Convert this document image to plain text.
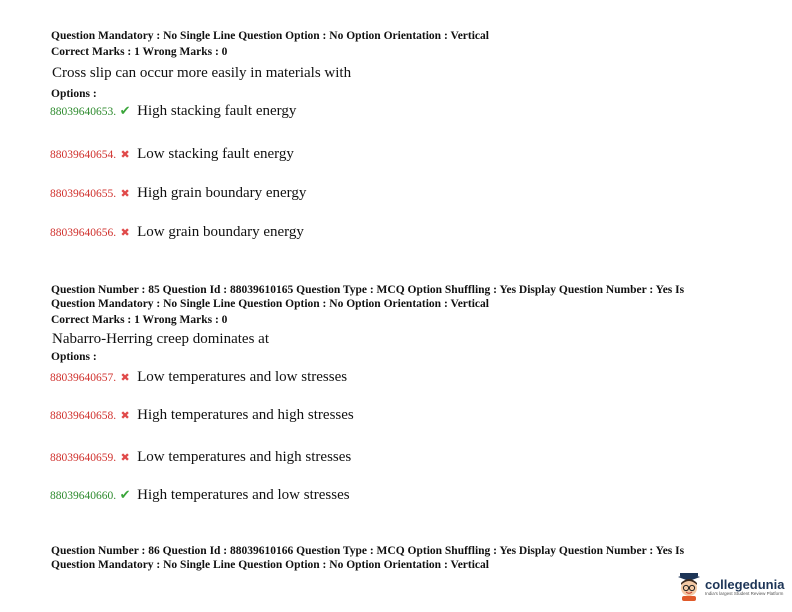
Question Mandatory : No Single Line Question Option : No Option Orientation : Vertical
Correct Marks : 1 Wrong Marks : 0
Cross slip can occur more easily in materials with
Options :
88039640653. ✔ High stacking fault energy
88039640654. ✖ Low stacking fault energy
88039640655. ✖ High grain boundary energy
88039640656. ✖ Low grain boundary energy
Question Number : 85 Question Id : 88039610165 Question Type : MCQ Option Shuffling : Yes Display Question Number : Yes Is
Question Mandatory : No Single Line Question Option : No Option Orientation : Vertical
Correct Marks : 1 Wrong Marks : 0
Nabarro-Herring creep dominates at
Options :
88039640657. ✖ Low temperatures and low stresses
88039640658. ✖ High temperatures and high stresses
88039640659. ✖ Low temperatures and high stresses
88039640660. ✔ High temperatures and low stresses
Question Number : 86 Question Id : 88039610166 Question Type : MCQ Option Shuffling : Yes Display Question Number : Yes Is
Question Mandatory : No Single Line Question Option : No Option Orientation : Vertical
collegedunia
India's largest Student Review Platform
